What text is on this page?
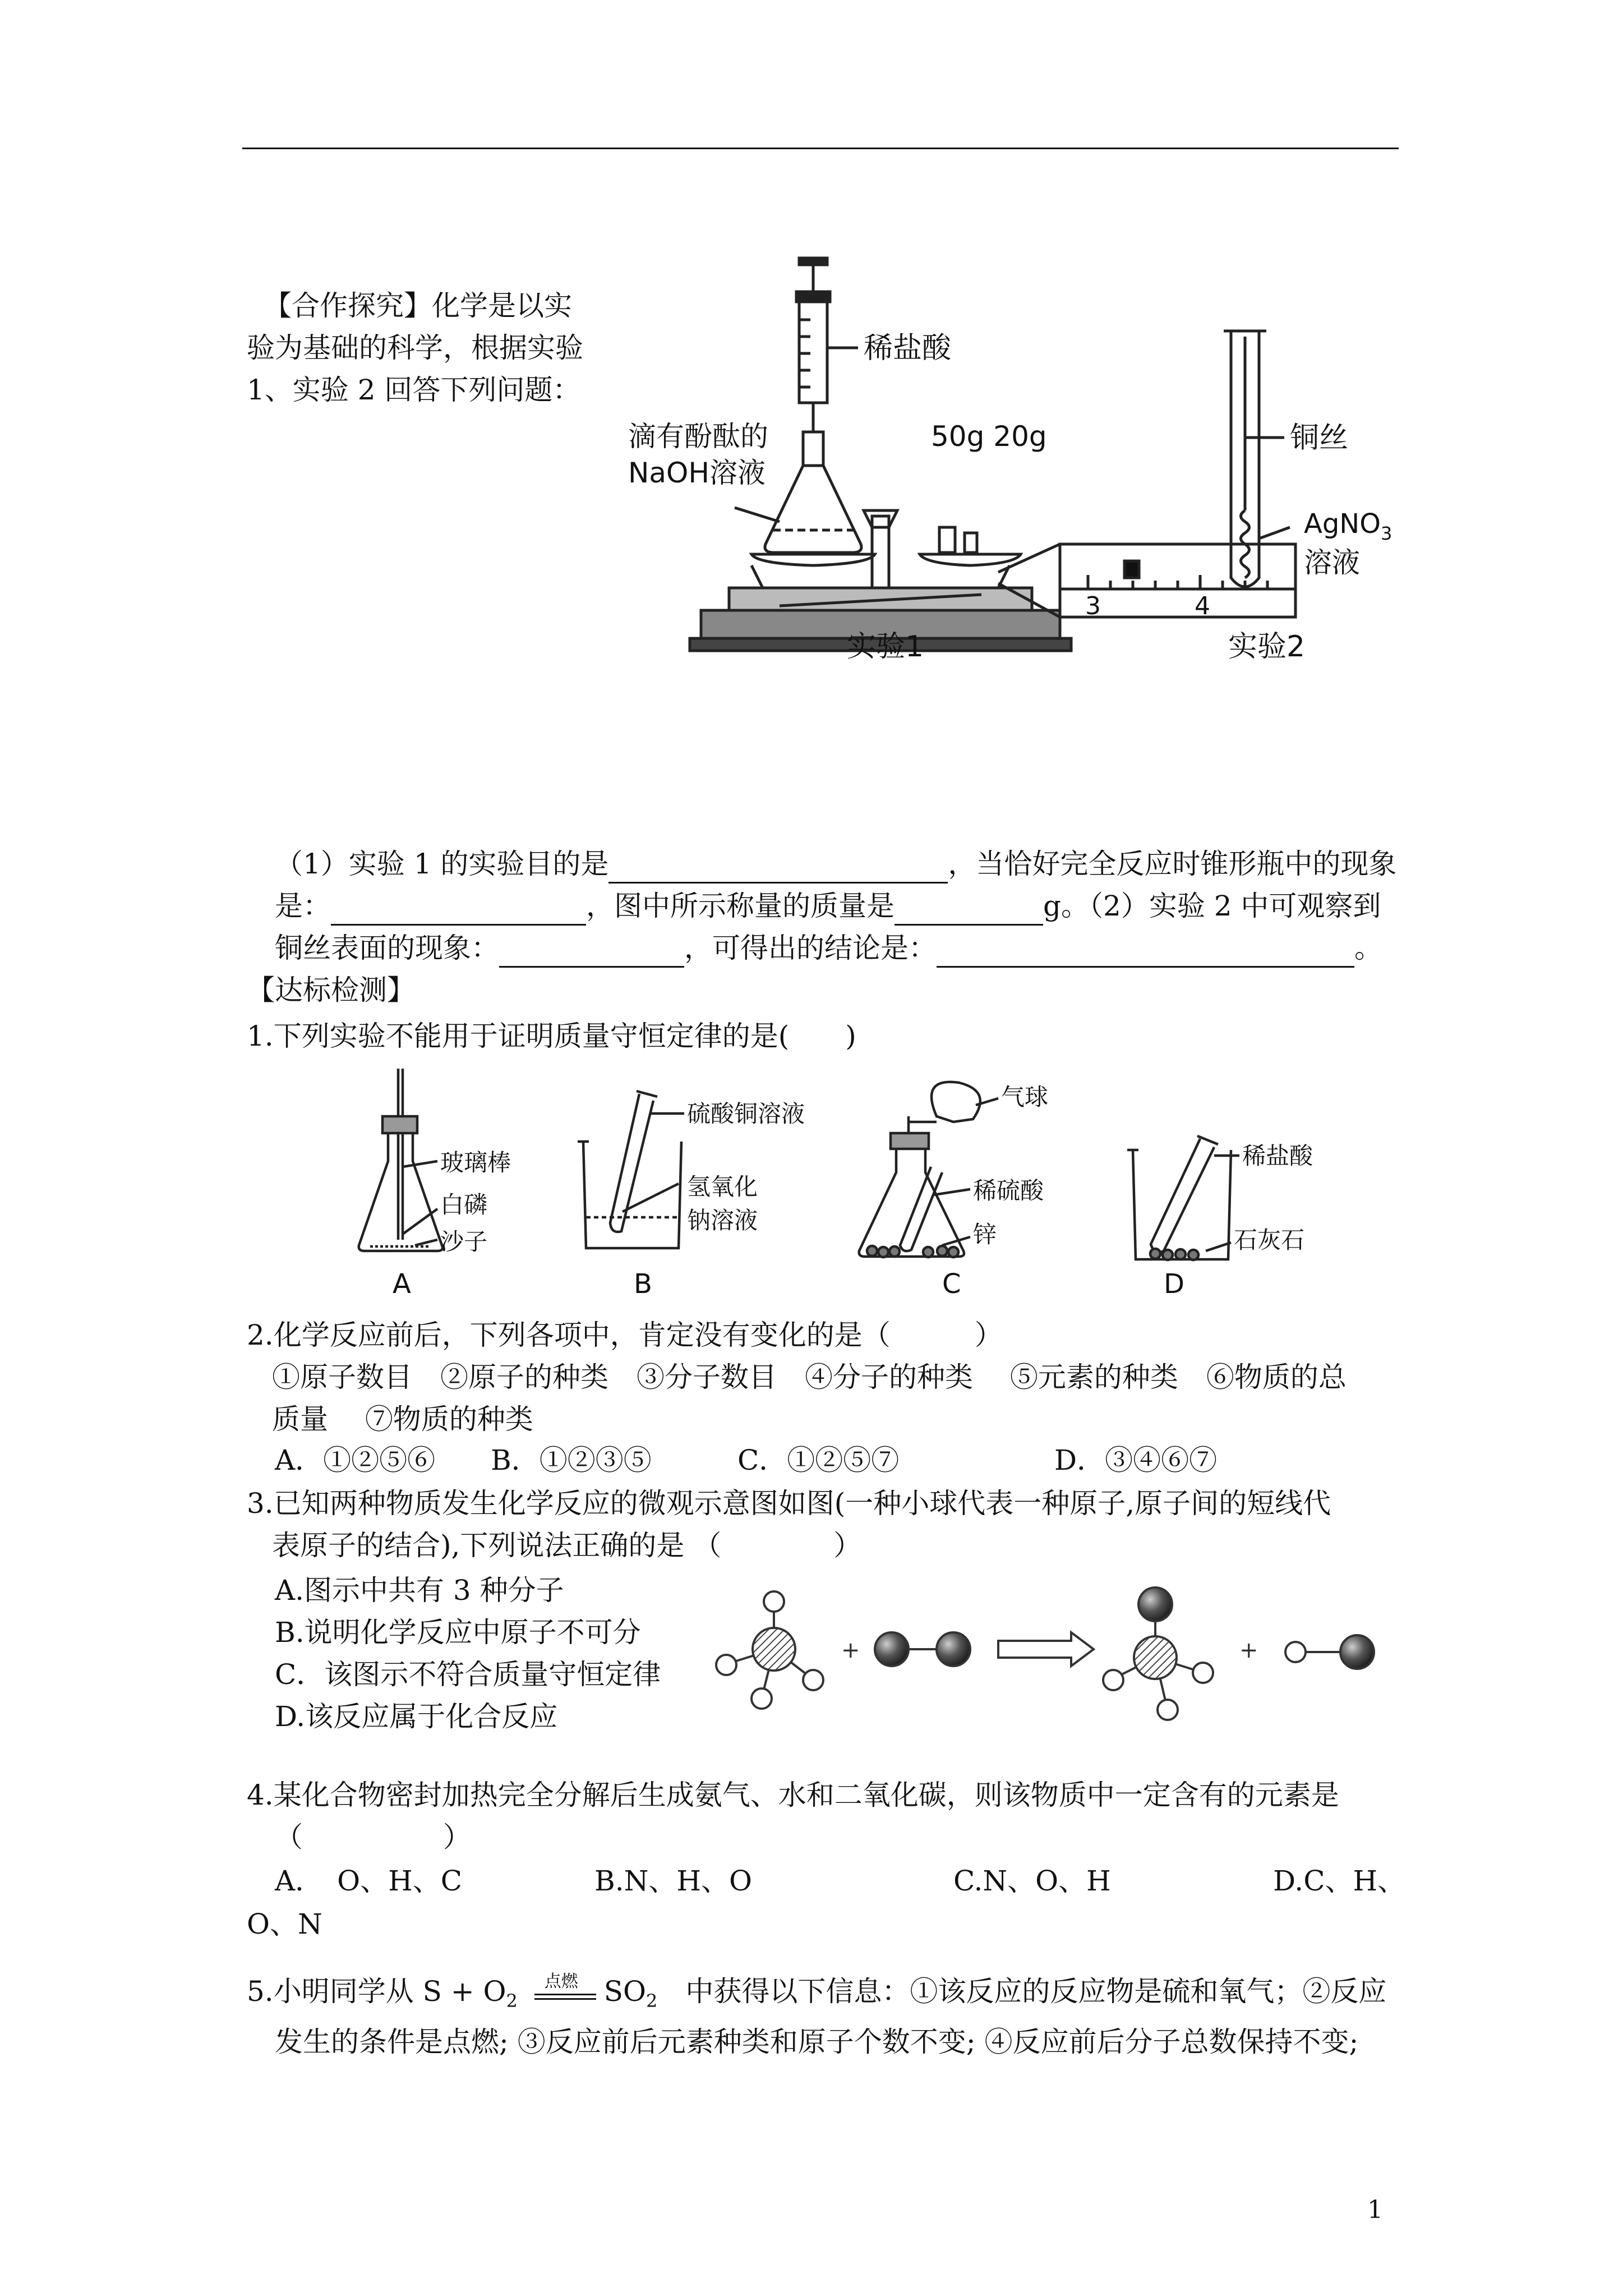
【合作探究】化学是以实
验为基础的科学，根据实验
1、实验 2 回答下列问题：
稀盐酸
滴有酚酞的
NaOH溶液
50g 20g
3	4
实验1
铜丝
AgNO$_3$
溶液
实验2
（1）实验 1 的实验目的是	，当恰好完全反应时锥形瓶中的现象
是：	，图中所示称量的质量是	g。（2）实验 2 中可观察到
铜丝表面的现象：	，可得出的结论是：	。
【达标检测】
1.下列实验不能用于证明质量守恒定律的是(　　)
玻璃棒
白磷
沙子
硫酸铜溶液
氢氧化
钠溶液
气球
稀硫酸
锌
稀盐酸
石灰石
A	B	C	D
2.化学反应前后，下列各项中，肯定没有变化的是（　　　）
①原子数目　②原子的种类　③分子数目　④分子的种类　 ⑤元素的种类　⑥物质的总
质量　 ⑦物质的种类
A．①②⑤⑥ B．①②③⑤	C．①②⑤⑦	D．③④⑥⑦
3.已知两种物质发生化学反应的微观示意图如图(一种小球代表一种原子,原子间的短线代
表原子的结合),下列说法正确的是 （　　　　）
A.图示中共有 3 种分子
B.说明化学反应中原子不可分
C．该图示不符合质量守恒定律
D.该反应属于化合反应
+	+
4.某化合物密封加热完全分解后生成氨气、水和二氧化碳，则该物质中一定含有的元素是
（　　　　　）
A．　O、H、C	B.N、H、O	C.N、O、H	D.C、H、
O、N
5.小明同学从 $S + O_2$
点燃 $SO_2$　中获得以下信息：①该反应的反应物是硫和氧气；②反应
发生的条件是点燃; ③反应前后元素种类和原子个数不变; ④反应前后分子总数保持不变;
1
